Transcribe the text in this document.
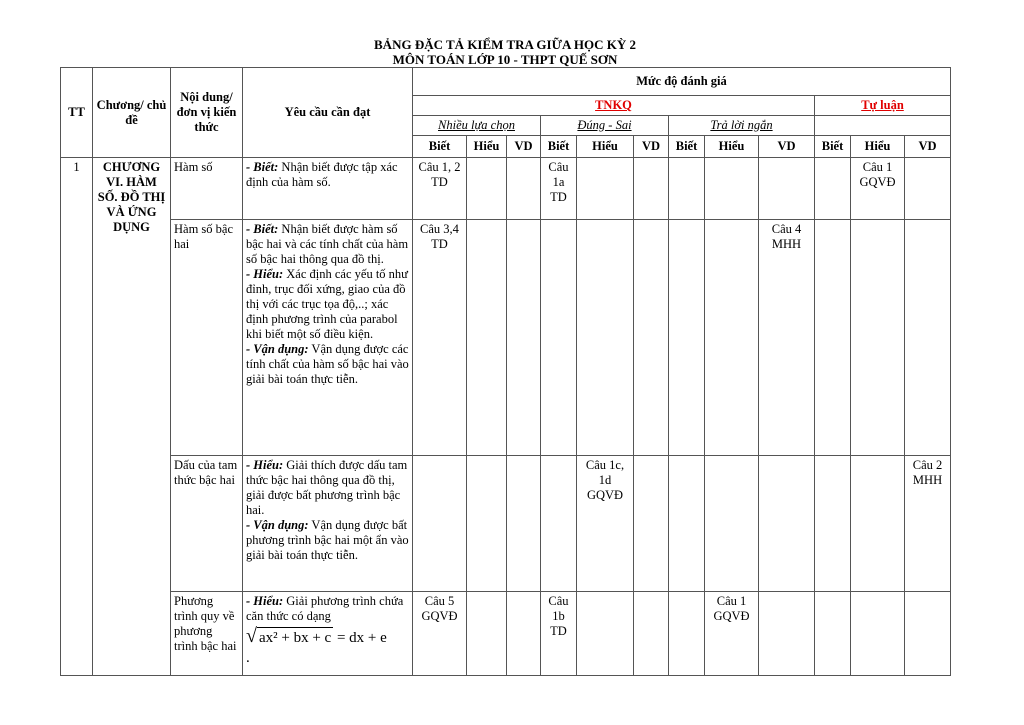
BẢNG ĐẶC TẢ KIỂM TRA GIỮA HỌC KỲ 2
MÔN TOÁN LỚP 10 - THPT QUẾ SƠN
TT	Chương/ chủ đề	Nội dung/đơn vị kiến thức	Yêu cầu cần đạt	Mức độ đánh giá											
				TNKQ									Tự luận		
				Nhiều lựa chọn			Đúng - Sai			Trả lời ngắn					
				Biết	Hiểu	VD	Biết	Hiểu	VD	Biết	Hiểu	VD	Biết	Hiểu	VD
1	CHƯƠNG VI. HÀM SỐ. ĐỒ THỊ VÀ ỨNG DỤNG	Hàm số	- Biết: Nhận biết được tập xác định của hàm số.	Câu 1, 2 TD			Câu 1a TD							Câu 1 GQVĐ	
		Hàm số bậc hai	- Biết: Nhận biết được hàm số bậc hai và các tính chất của hàm số bậc hai thông qua đồ thị.
- Hiểu: Xác định các yếu tố như đỉnh, trục đối xứng, giao của đồ thị với các trục tọa độ,..; xác định phương trình của parabol khi biết một số điều kiện.
- Vận dụng: Vận dụng được các tính chất của hàm số bậc hai vào giải bài toán thực tiễn.	Câu 3,4 TD								Câu 4 MHH			
		Dấu của tam thức bậc hai	- Hiểu: Giải thích được dấu tam thức bậc hai thông qua đồ thị, giải được bất phương trình bậc hai.
- Vận dụng: Vận dụng được bất phương trình bậc hai một ẩn vào giải bài toán thực tiễn.					Câu 1c, 1d GQVĐ							Câu 2 MHH
		Phương trình quy về phương trình bậc hai	- Hiểu: Giải phương trình chứa căn thức có dạng
√ ax² + bx + c = dx + e
.	Câu 5 GQVĐ			Câu 1b TD				Câu 1 GQVĐ				
